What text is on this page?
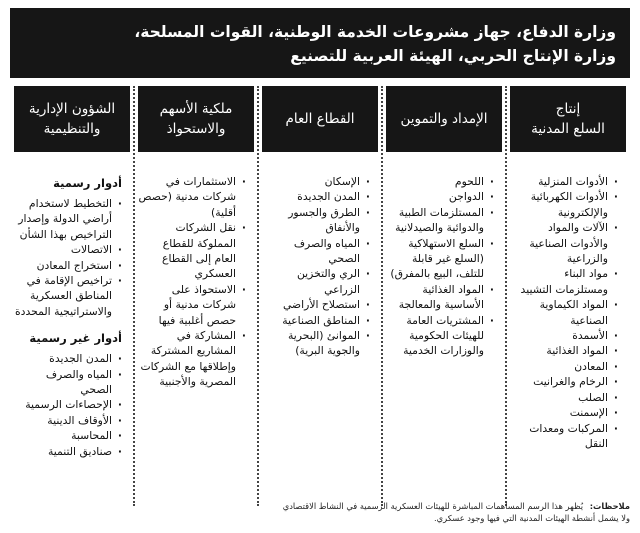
وزارة الدفاع، جهاز مشروعات الخدمة الوطنية، القوات المسلحة،
وزارة الإنتاج الحربي، الهيئة العربية للتصنيع
إنتاج
السلع المدنية
· الأدوات المنزلية
· الأدوات الكهربائية والإلكترونية
· الآلات والمواد والأدوات الصناعية والزراعية
· مواد البناء ومستلزمات التشييد
· المواد الكيماوية الصناعية
· الأسمدة
· المواد الغذائية
· المعادن
· الرخام والغرانيت
· الصلب
· الإسمنت
· المركبات ومعدات النقل
الإمداد والتموين
· اللحوم
· الدواجن
· المستلزمات الطبية والدوائية والصيدلانية
· السلع الاستهلاكية (السلع غير قابلة للتلف، البيع بالمفرق)
· المواد الغذائية الأساسية والمعالجة
· المشتريات العامة للهيئات الحكومية والوزارات الخدمية
القطاع العام
· الإسكان
· المدن الجديدة
· الطرق والجسور والأنفاق
· المياه والصرف الصحي
· الري والتخزين الزراعي
· استصلاح الأراضي
· المناطق الصناعية
· الموانئ (البحرية والجوية البرية)
ملكية الأسهم
والاستحواذ
· الاستثمارات في شركات مدنية (حصص أقلية)
· نقل الشركات المملوكة للقطاع العام إلى القطاع العسكري
· الاستحواذ على شركات مدنية أو حصص أغلبية فيها
· المشاركة في المشاريع المشتركة وإطلاقها مع الشركات المصرية والأجنبية
الشؤون الإدارية
والتنظيمية
أدوار رسمية
· التخطيط لاستخدام أراضي الدولة وإصدار التراخيص بهذا الشأن
· الاتصالات
· استخراج المعادن
· تراخيص الإقامة في المناطق العسكرية والاستراتيجية المحددة
أدوار غير رسمية
· المدن الجديدة
· المياه والصرف الصحي
· الإحصاءات الرسمية
· الأوقاف الدينية
· المحاسبة
· صناديق التنمية
ملاحظات: يُظهر هذا الرسم المساهمات المباشرة للهيئات العسكرية الرسمية في النشاط الاقتصادي
ولا يشمل أنشطة الهيئات المدنية التي فيها وجود عسكري.
